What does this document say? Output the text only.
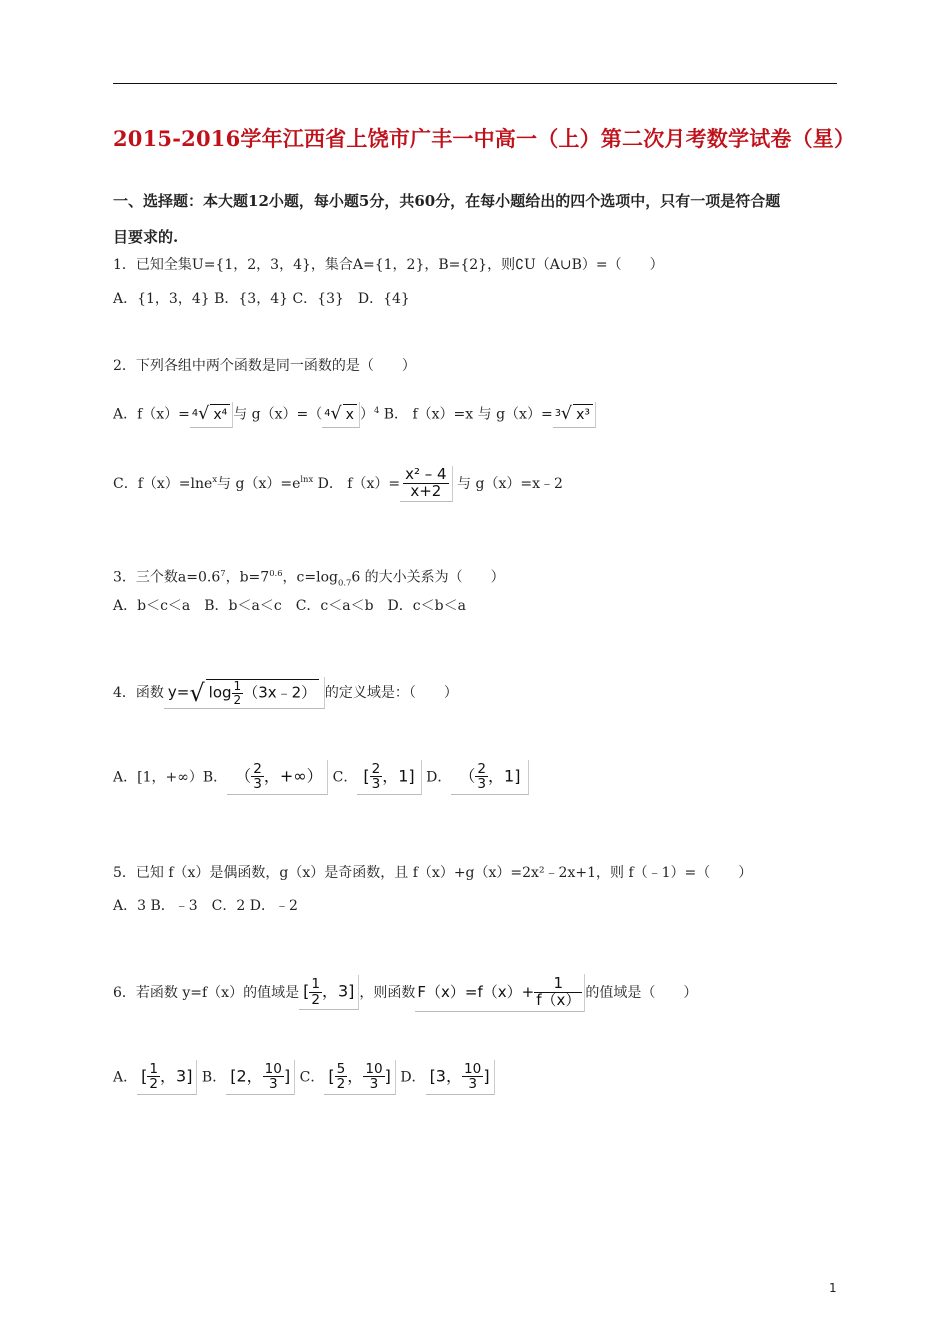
2015-2016学年江西省上饶市广丰一中高一（上）第二次月考数学试卷（星）
一、选择题：本大题12小题，每小题5分，共60分，在每小题给出的四个选项中，只有一项是符合题
目要求的.
1．已知全集U={1，2，3，4}，集合A={1，2}，B={2}，则∁U（A∪B）=（　　）
A．{1，3，4} B．{3，4} C．{3}　D．{4}
2．下列各组中两个函数是同一函数的是（　　）
A．f（x）= $^4$√ x⁴ 与 g（x）=（ $^4$√ x ）$^4$ B． f（x）=x 与 g（x）= $^3$√ x³
C．f（x）=lne$^x$与 $g(x)=e^{lnx}$ D． $f(x)= \frac{\text{x² – 4}}{x+2}$ 与 g（x）=x﹣2
3．三个数$a=0.6^7$，$b=7^{0.6}$，$c=\log_{0.7}6$ 的大小关系为（　　）
A．b＜c＜a　B．b＜a＜c　C．c＜a＜b　D．c＜b＜a
4．函数 y=√ $\log \frac{1}{2}$ （3x﹣2） 的定义域是：（　　）
A．[1，+∞）B． （ $\frac{2}{3}$ ，+∞） C． [ $\frac{2}{3}$ ，1] D． （ $\frac{2}{3}$ ，1]
5．已知 f（x）是偶函数，g（x）是奇函数，且 f（x）+g（x）=2x²﹣2x+1，则 f（﹣1）=（　　）
A．3 B．﹣3　C．2 D．﹣2
6．若函数 y=f（x）的值域是 [ $\frac{1}{2}$ ，3] ，则函数 $F(x)=f(x)+ \frac{1}{f(x)}$ 的值域是（　　）
A． [ $\frac{1}{2}$ ，3] B． [2， $\frac{10}{3}$ ] C． [ $\frac{5}{2}$ ， $\frac{10}{3}$ ] D． [3， $\frac{10}{3}$ ]
1
